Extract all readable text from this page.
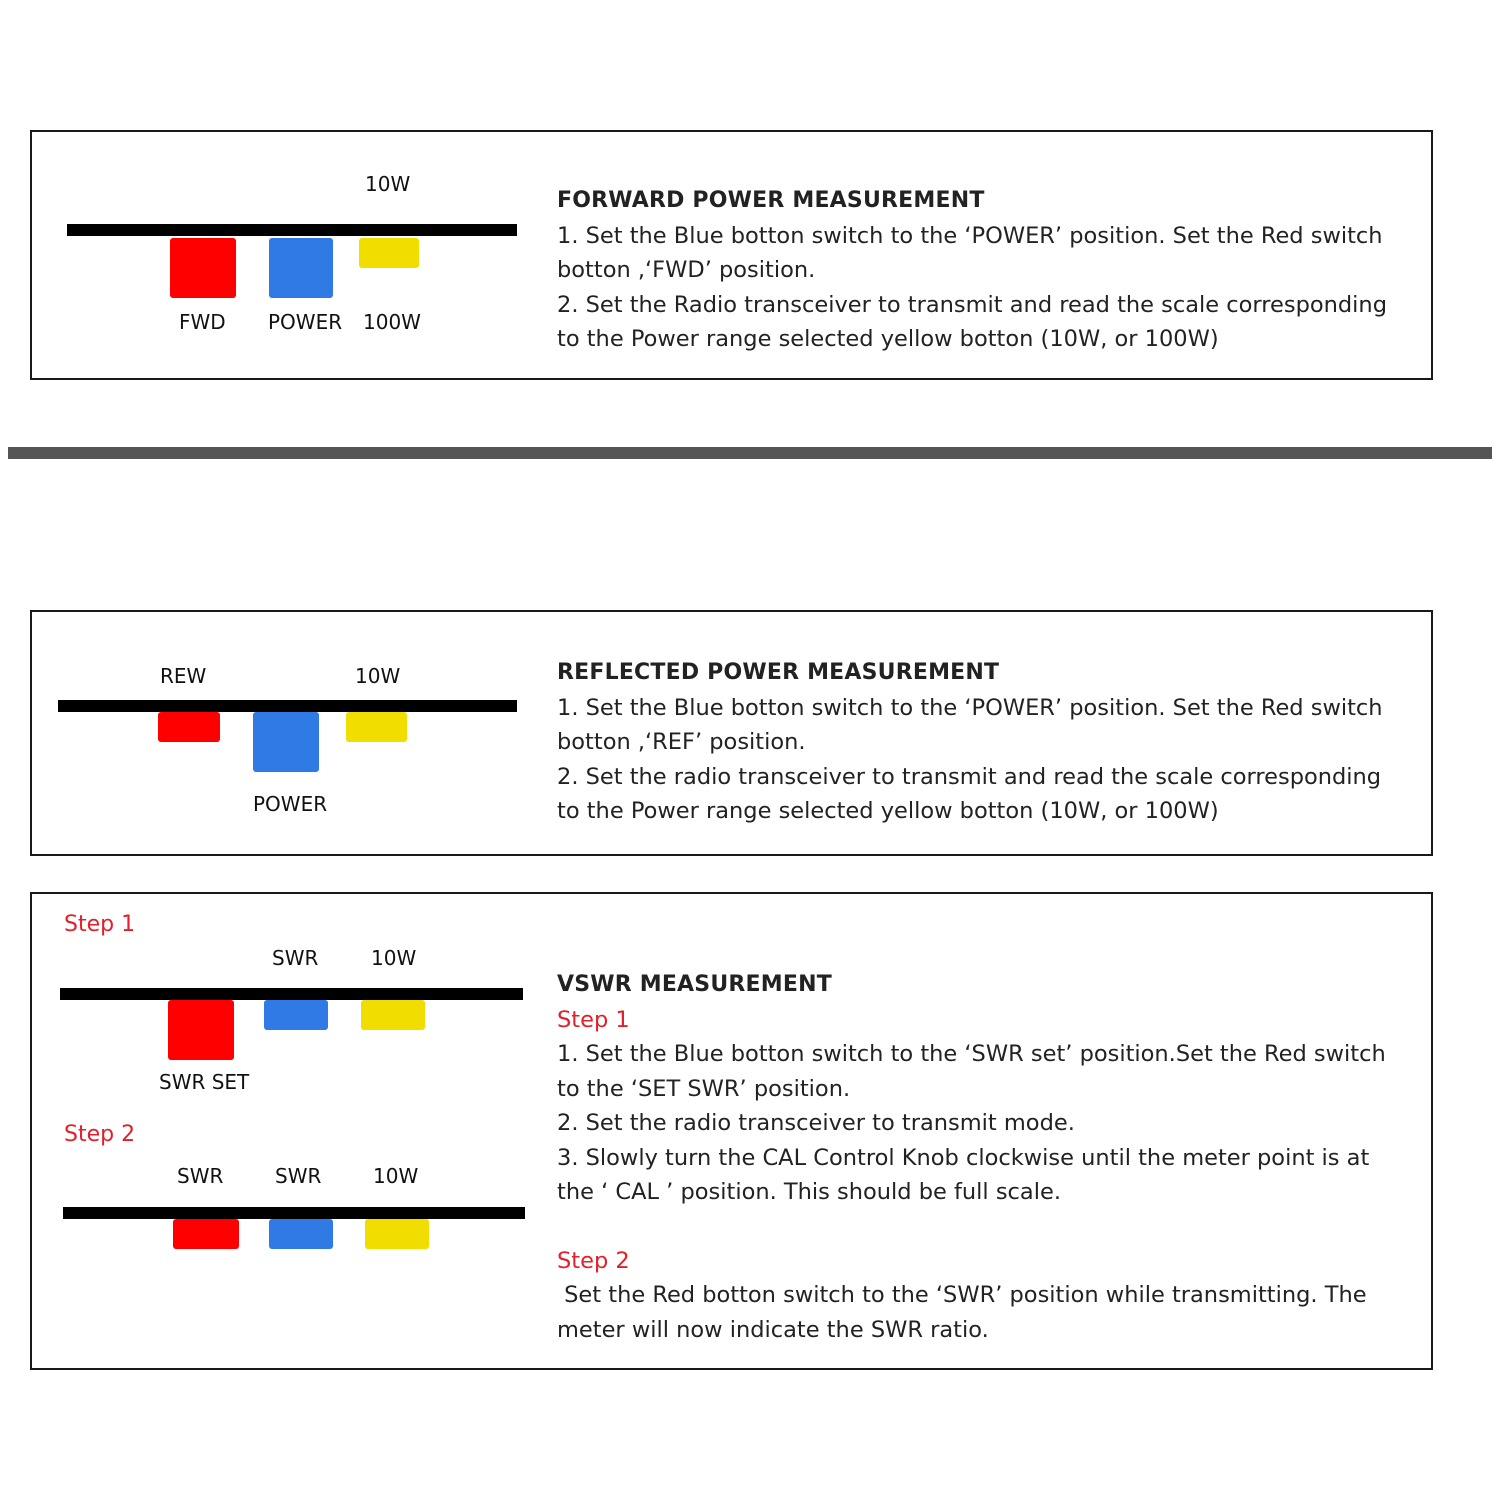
10W
FWD POWER 100W

FORWARD POWER MEASUREMENT

1. Set the Blue botton switch to the ‘POWER’ position. Set the Red switch

botton ,‘FWD’ position.

2. Set the Radio transceiver to transmit and read the scale corresponding

to the Power range selected yellow botton (10W, or 100W)

REW	10W
POWER

REFLECTED POWER MEASUREMENT

1. Set the Blue botton switch to the ‘POWER’ position. Set the Red switch

botton ,‘REF’ position.

2. Set the radio transceiver to transmit and read the scale corresponding

to the Power range selected yellow botton (10W, or 100W)

Step 1
SWR	10W
SWR SET
Step 2
SWR	SWR	10W

VSWR MEASUREMENT

Step 1

1. Set the Blue botton switch to the ‘SWR set’ position.Set the Red switch

to the ‘SET SWR’ position.

2. Set the radio transceiver to transmit mode.

3. Slowly turn the CAL Control Knob clockwise until the meter point is at

the ‘ CAL ’ position. This should be full scale.

Step 2

Set the Red botton switch to the ‘SWR’ position while transmitting. The

meter will now indicate the SWR ratio.
